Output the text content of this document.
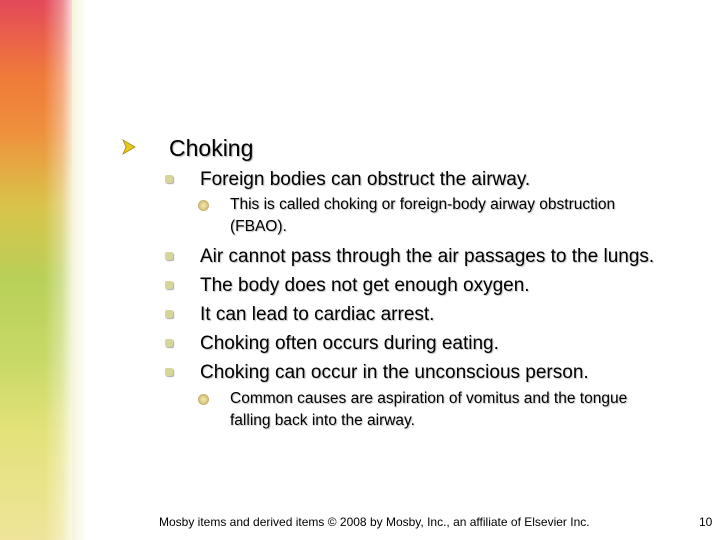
Choking
Foreign bodies can obstruct the airway.
This is called choking or foreign-body airway obstruction
(FBAO).
Air cannot pass through the air passages to the lungs.
The body does not get enough oxygen.
It can lead to cardiac arrest.
Choking often occurs during eating.
Choking can occur in the unconscious person.
Common causes are aspiration of vomitus and the tongue
falling back into the airway.
Mosby items and derived items © 2008 by Mosby, Inc., an affiliate of Elsevier Inc.	10
